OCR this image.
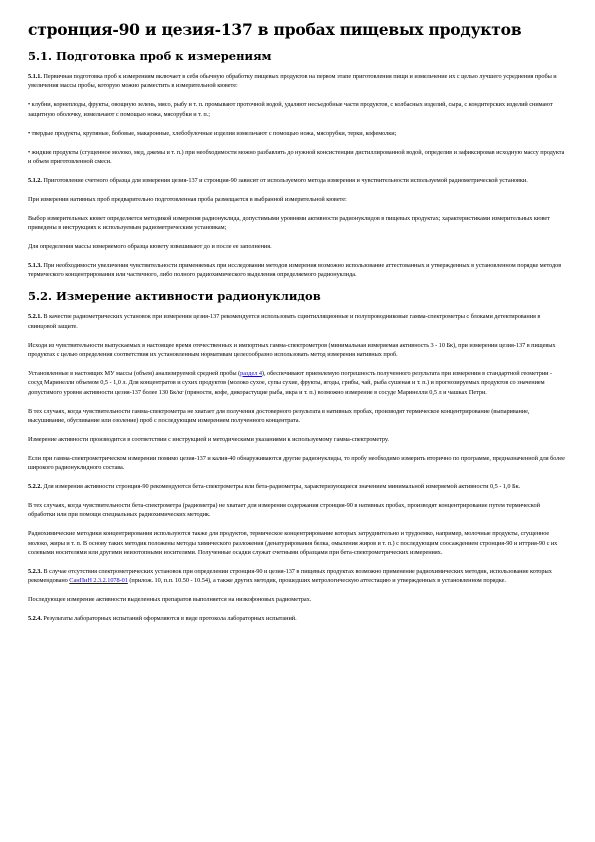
стронция-90 и цезия-137 в пробах пищевых продуктов
5.1. Подготовка проб к измерениям

5.1.1. Первичная подготовка проб к измерениям включает в себя обычную обработку пищевых продуктов на первом этапе приготовления пищи и измельчение их с целью лучшего усреднения пробы и увеличения массы пробы, которую можно разместить в измерительной кювете:

• клубни, корнеплоды, фрукты, овощную зелень, мясо, рыбу и т. п. промывают проточной водой, удаляют несъедобные части продуктов, с колбасных изделий, сыра, с кондитерских изделий снимают защитную оболочку, измельчают с помощью ножа, мясорубки и т. п.;

• твердые продукты, крупяные, бобовые, макаронные, хлебобулочные изделия измельчают с помощью ножа, мясорубки, терки, кофемолки;

• жидкие продукты (сгущенное молоко, мед, джемы и т. п.) при необходимости можно разбавлять до нужной консистенции дистиллированной водой, определив и зафиксировав исходную массу продукта и объем приготовленной смеси.

5.1.2. Приготовление счетного образца для измерения цезия-137 и стронция-90 зависит от используемого метода измерения и чувствительности используемой радиометрической установки.

При измерении нативных проб предварительно подготовленная проба размещается в выбранной измерительной кювете:

Выбор измерительных кювет определяется методикой измерения радионуклида, допустимыми уровнями активности радионуклидов в пищевых продуктах; характеристиками измерительных кювет приведены в инструкциях к используемым радиометрическим установкам;

Для определения массы измеряемого образца кювету взвешивают до и после ее заполнения.

5.1.3. При необходимости увеличения чувствительности применяемых при исследовании методов измерения возможно использование аттестованных и утвержденных в установленном порядке методов термического концентрирования или частичного, либо полного радиохимического выделения определяемого радионуклида.

5.2. Измерение активности радионуклидов

5.2.1. В качестве радиометрических установок при измерении цезия-137 рекомендуется использовать сцинтилляционные и полупроводниковые гамма-спектрометры с блоками детектирования в свинцовой защите.

Исходя из чувствительности выпускаемых в настоящее время отечественных и импортных гамма-спектрометров (минимальная измеряемая активность 3 - 10 Бк), при измерении цезия-137 в пищевых продуктах с целью определения соответствия их установленным нормативам целесообразно использовать метод измерения нативных проб.

Установленные в настоящих МУ массы (объем) анализируемой средней пробы (раздел 4), обеспечивают приемлемую погрешность полученного результата при измерении в стандартной геометрии - сосуд Маринелли объемом 0,5 - 1,0 л. Для концентратов и сухих продуктов (молоко сухое, супы сухие, фрукты, ягоды, грибы, чай, рыба сушеная и т. п.) и прогнозируемых продуктов со значением допустимого уровня активности цезия-137 более 130 Бк/кг (пряности, кофе, дикорастущие рыба, икра и т. п.) возможно измерение в сосуде Маринелли 0,5 л и чашках Петри.

В тех случаях, когда чувствительности гамма-спектрометра не хватает для получения достоверного результата в нативных пробах, производят термическое концентрирование (выпаривание, высушивание, обугливание или озоление) проб с последующим измерением полученного концентрата.

Измерение активности производится в соответствии с инструкцией и методическими указаниями к используемому гамма-спектрометру.

Если при гамма-спектрометрическом измерении помимо цезия-137 и калия-40 обнаруживаются другие радионуклиды, то пробу необходимо измерить вторично по программе, предназначенной для более широкого радионуклидного состава.

5.2.2. Для измерения активности стронция-90 рекомендуются бета-спектрометры или бета-радиометры, характеризующиеся значением минимальной измеряемой активности 0,5 - 1,0 Бк.

В тех случаях, когда чувствительности бета-спектрометра (радиометра) не хватает для измерения содержания стронция-90 в нативных пробах, производят концентрирование путем термической обработки или при помощи специальных радиохимических методик.

Радиохимические методики концентрирования используются также для продуктов, термическое концентрирование которых затруднительно и трудоемко, например, молочные продукты, сгущенное молоко, жиры и т. п. В основу таких методик положены методы химического разложения (денатурирования белка, омыления жиров и т. п.) с последующим соосаждением стронция-90 и иттрия-90 с их солевыми носителями или другими неизотопными носителями. Полученные осадки служат счетными образцами при бета-спектрометрических измерениях.

5.2.3. В случае отсутствия спектрометрических установок при определении стронция-90 и цезия-137 в пищевых продуктах возможно применение радиохимических методик, использование которых рекомендовано СанПиН 2.3.2.1078-01 (прилож. 10, п.п. 10.50 - 10.54), а также других методик, прошедших метрологическую аттестацию и утвержденных в установленном порядке.

Последующее измерение активности выделенных препаратов выполняется на низкофоновых радиометрах.

5.2.4. Результаты лабораторных испытаний оформляются в виде протокола лабораторных испытаний.
